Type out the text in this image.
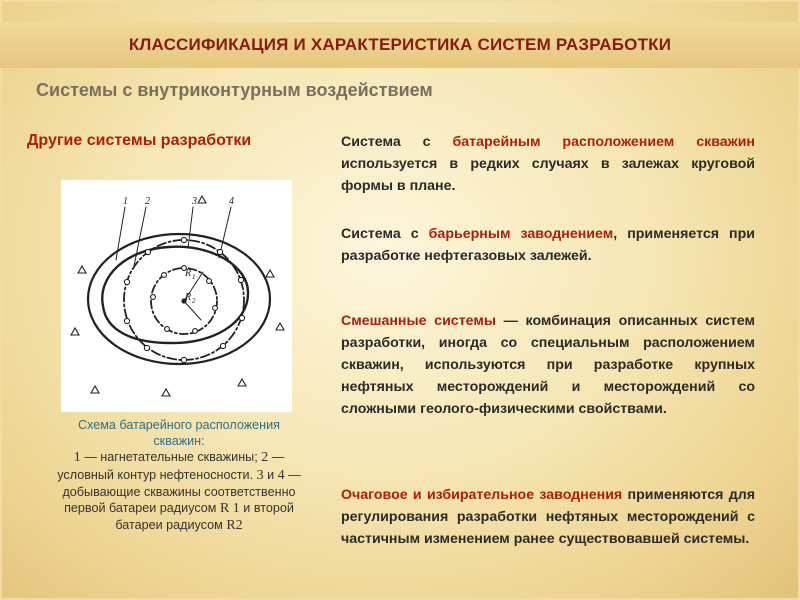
КЛАССИФИКАЦИЯ И ХАРАКТЕРИСТИКА СИСТЕМ РАЗРАБОТКИ
Системы с внутриконтурным воздействием
Другие системы разработки
1 2	3	4
R 1
R 2
Схема батарейного расположения скважин:
1 — нагнетательные скважины; 2 — условный контур нефтеносности. 3 и 4 — добывающие скважины соответственно первой батареи радиусом R 1 и второй батареи радиусом R2
Система с батарейным расположением скважин используется в редких случаях в залежах круговой формы в плане.
Система с барьерным заводнением, применяется при разработке нефтегазовых залежей.
Смешанные системы — комбинация описанных систем разработки, иногда со специальным расположением скважин, используются при разработке крупных нефтяных месторождений и месторождений со сложными геолого-физическими свойствами.
Очаговое и избирательное заводнения применяются для регулирования разработки нефтяных месторождений с частичным изменением ранее существовавшей системы.
